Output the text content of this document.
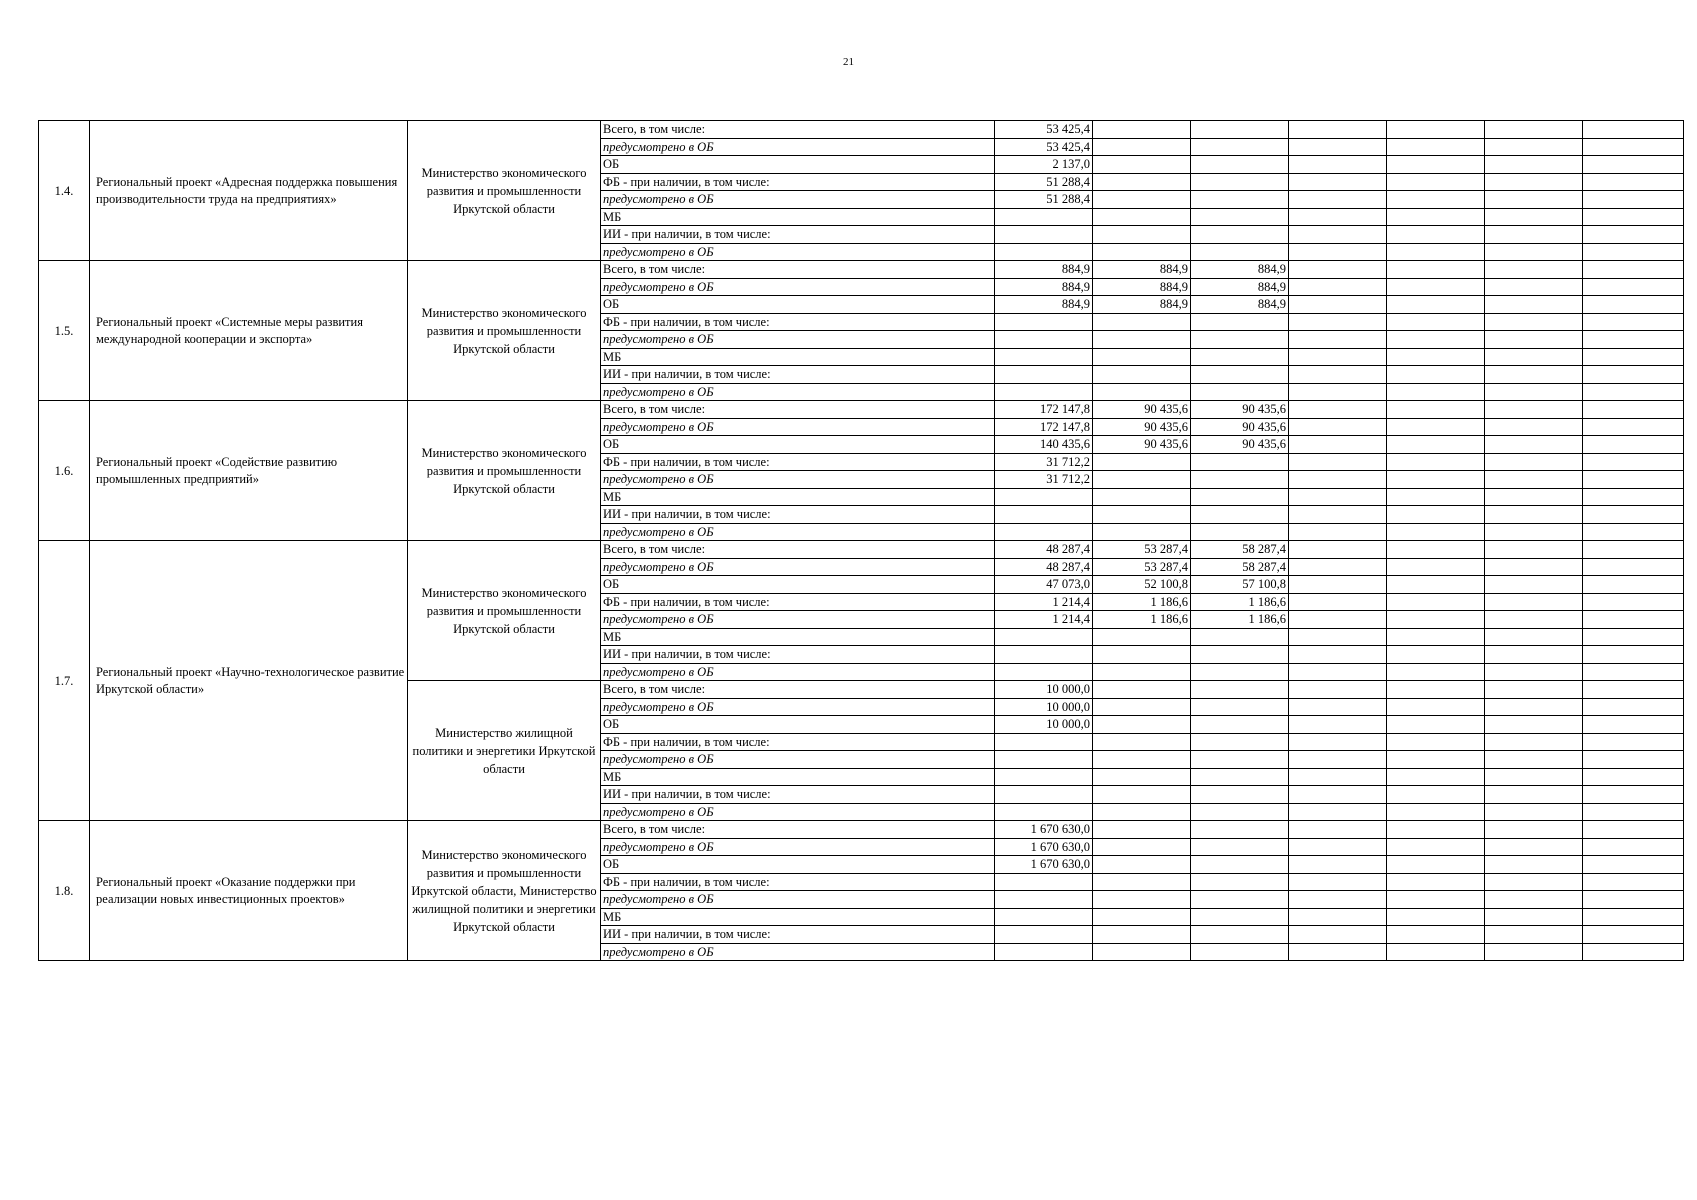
21
1.4.	Региональный проект «Адресная поддержка повышения производительности труда на предприятиях»	Министерство экономического развития и промышленности Иркутской области	Всего, в том числе:	53 425,4						
			предусмотрено в ОБ	53 425,4						
			ОБ	2 137,0						
			ФБ - при наличии, в том числе:	51 288,4						
			предусмотрено в ОБ	51 288,4						
			МБ							
			ИИ - при наличии, в том числе:							
			предусмотрено в ОБ							
1.5.	Региональный проект «Системные меры развития международной кооперации и экспорта»	Министерство экономического развития и промышленности Иркутской области	Всего, в том числе:	884,9	884,9	884,9				
			предусмотрено в ОБ	884,9	884,9	884,9				
			ОБ	884,9	884,9	884,9				
			ФБ - при наличии, в том числе:							
			предусмотрено в ОБ							
			МБ							
			ИИ - при наличии, в том числе:							
			предусмотрено в ОБ							
1.6.	Региональный проект «Содействие развитию промышленных предприятий»	Министерство экономического развития и промышленности Иркутской области	Всего, в том числе:	172 147,8	90 435,6	90 435,6				
			предусмотрено в ОБ	172 147,8	90 435,6	90 435,6				
			ОБ	140 435,6	90 435,6	90 435,6				
			ФБ - при наличии, в том числе:	31 712,2						
			предусмотрено в ОБ	31 712,2						
			МБ							
			ИИ - при наличии, в том числе:							
			предусмотрено в ОБ							
1.7.	Региональный проект «Научно-технологическое развитие Иркутской области»	Министерство экономического развития и промышленности Иркутской области	Всего, в том числе:	48 287,4	53 287,4	58 287,4				
			предусмотрено в ОБ	48 287,4	53 287,4	58 287,4				
			ОБ	47 073,0	52 100,8	57 100,8				
			ФБ - при наличии, в том числе:	1 214,4	1 186,6	1 186,6				
			предусмотрено в ОБ	1 214,4	1 186,6	1 186,6				
			МБ							
			ИИ - при наличии, в том числе:							
			предусмотрено в ОБ							
		Министерство жилищной политики и энергетики Иркутской области	Всего, в том числе:	10 000,0						
			предусмотрено в ОБ	10 000,0						
			ОБ	10 000,0						
			ФБ - при наличии, в том числе:							
			предусмотрено в ОБ							
			МБ							
			ИИ - при наличии, в том числе:							
			предусмотрено в ОБ							
1.8.	Региональный проект «Оказание поддержки при реализации новых инвестиционных проектов»	Министерство экономического развития и промышленности Иркутской области, Министерство жилищной политики и энергетики Иркутской области	Всего, в том числе:	1 670 630,0						
			предусмотрено в ОБ	1 670 630,0						
			ОБ	1 670 630,0						
			ФБ - при наличии, в том числе:							
			предусмотрено в ОБ							
			МБ							
			ИИ - при наличии, в том числе:							
			предусмотрено в ОБ							
